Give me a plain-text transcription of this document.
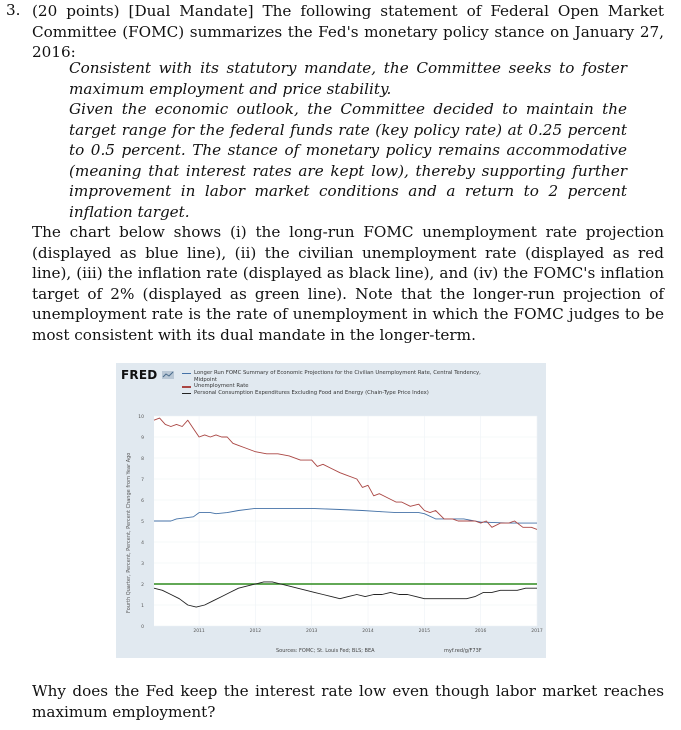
3. (20 points) [Dual Mandate] The following statement of Federal Open Market Committee (FOMC) summarizes the Fed's monetary policy stance on January 27, 2016:
Consistent with its statutory mandate, the Committee seeks to foster maximum employment and price stability.
Given the economic outlook, the Committee decided to maintain the target range for the federal funds rate (key policy rate) at 0.25 percent to 0.5 percent. The stance of monetary policy remains accommodative (meaning that interest rates are kept low), thereby supporting further improvement in labor market conditions and a return to 2 percent inflation target.
The chart below shows (i) the long-run FOMC unemployment rate projection (displayed as blue line), (ii) the civilian unemployment rate (displayed as red line), (iii) the inflation rate (displayed as black line), and (iv) the FOMC's inflation target of 2% (displayed as green line). Note that the longer-run projection of unemployment rate is the rate of unemployment in which the FOMC judges to be most consistent with its dual mandate in the longer-term.
FRED	Longer Run FOMC Summary of Economic Projections for the Civilian Unemployment Rate, Central Tendency, Midpoint
Unemployment Rate
Personal Consumption Expenditures Excluding Food and Energy (Chain-Type Price Index)
0
1
2
3
4
5
6
7
8
9
10
2011	2012	2013	2014	2015	2016	2017
Fourth Quarter, Percent, Percent, Percent Change from Year Ago
Sources: FOMC; St. Louis Fed; BLS; BEA	myf.red/g/F73F
Why does the Fed keep the interest rate low even though labor market reaches maximum employment?
